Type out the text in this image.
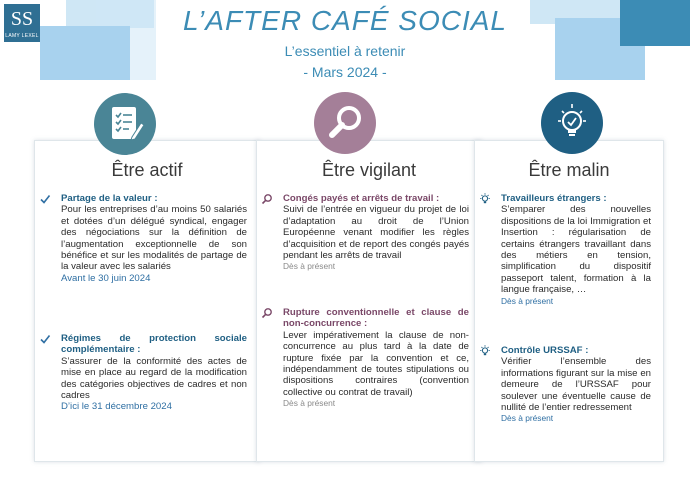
SS
LAMY LEXEL	L’AFTER CAFÉ SOCIAL
L’essentiel à retenir
- Mars 2024 -
Être actif
Partage de la valeur :
Pour les entreprises d’au moins 50 salariés et dotées d’un délégué syndical, engager des négociations sur la définition de l’augmentation exceptionnelle de son bénéfice et sur les modalités de partage de la valeur avec les salariés
Avant le 30 juin 2024
Régimes de protection sociale complémentaire :
S’assurer de la conformité des actes de mise en place au regard de la modification des catégories objectives de cadres et non cadres
D’ici le 31 décembre 2024
Être vigilant
Congés payés et arrêts de travail :
Suivi de l’entrée en vigueur du projet de loi d’adaptation au droit de l’Union Européenne venant modifier les règles d’acquisition et de report des congés payés pendant les arrêts de travail
Dès à présent
Rupture conventionnelle et clause de non-concurrence :
Lever impérativement la clause de non-concurrence au plus tard à la date de rupture fixée par la convention et ce, indépendamment de toutes stipulations ou dispositions contraires (convention collective ou contrat de travail)
Dès à présent
Être malin
Travailleurs étrangers :
S’emparer des nouvelles dispositions de la loi Immigration et Insertion : régularisation de certains étrangers travaillant dans des métiers en tension, simplification du dispositif passeport talent, formation à la langue française, …
Dès à présent
Contrôle URSSAF :
Vérifier l’ensemble des informations figurant sur la mise en demeure de l’URSSAF pour soulever une éventuelle cause de nullité de l’entier redressement
Dès à présent
